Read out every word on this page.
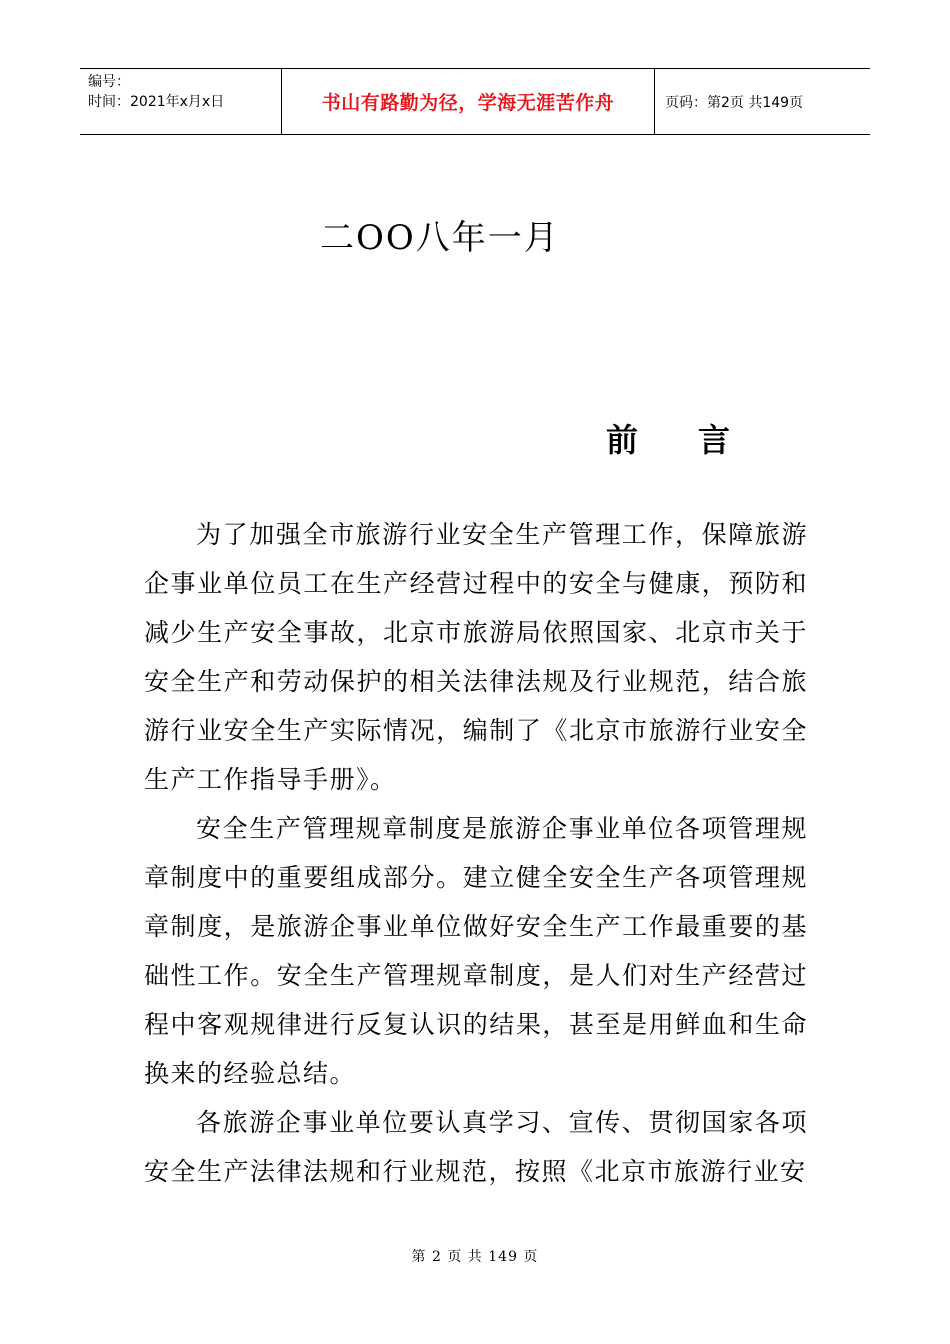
编号：
时间：2021年x月x日	书山有路勤为径，学海无涯苦作舟	页码：第2页 共149页
二OO八年一月
前言

为了加强全市旅游行业安全生产管理工作，保障旅游企事业单位员工在生产经营过程中的安全与健康，预防和减少生产安全事故，北京市旅游局依照国家、北京市关于安全生产和劳动保护的相关法律法规及行业规范，结合旅游行业安全生产实际情况，编制了《北京市旅游行业安全生产工作指导手册》。

安全生产管理规章制度是旅游企事业单位各项管理规章制度中的重要组成部分。建立健全安全生产各项管理规章制度，是旅游企事业单位做好安全生产工作最重要的基础性工作。安全生产管理规章制度，是人们对生产经营过程中客观规律进行反复认识的结果，甚至是用鲜血和生命换来的经验总结。

各旅游企事业单位要认真学习、宣传、贯彻国家各项安全生产法律法规和行业规范，按照《北京市旅游行业安

第 2 页 共 149 页
